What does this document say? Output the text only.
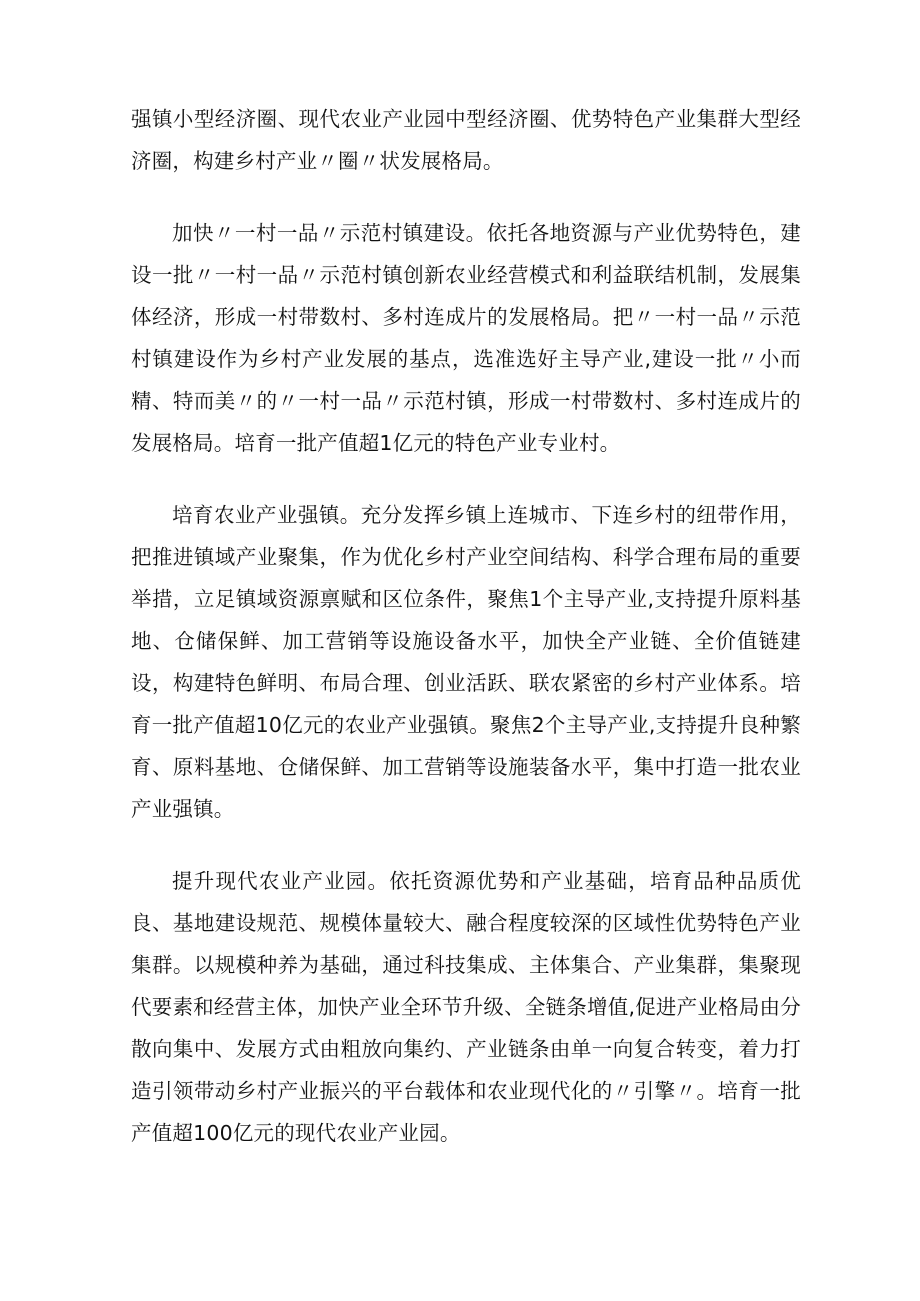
强镇小型经济圈、现代农业产业园中型经济圈、优势特色产业集群大型经济圈，构建乡村产业〃圈〃状发展格局。

加快〃一村一品〃示范村镇建设。依托各地资源与产业优势特色，建设一批〃一村一品〃示范村镇创新农业经营模式和利益联结机制，发展集体经济，形成一村带数村、多村连成片的发展格局。把〃一村一品〃示范村镇建设作为乡村产业发展的基点，选准选好主导产业,建设一批〃小而精、特而美〃的〃一村一品〃示范村镇，形成一村带数村、多村连成片的发展格局。培育一批产值超1亿元的特色产业专业村。

培育农业产业强镇。充分发挥乡镇上连城市、下连乡村的纽带作用，把推进镇域产业聚集，作为优化乡村产业空间结构、科学合理布局的重要举措，立足镇域资源禀赋和区位条件，聚焦1个主导产业,支持提升原料基地、仓储保鲜、加工营销等设施设备水平，加快全产业链、全价值链建设，构建特色鲜明、布局合理、创业活跃、联农紧密的乡村产业体系。培育一批产值超10亿元的农业产业强镇。聚焦2个主导产业,支持提升良种繁育、原料基地、仓储保鲜、加工营销等设施装备水平，集中打造一批农业产业强镇。

提升现代农业产业园。依托资源优势和产业基础，培育品种品质优良、基地建设规范、规模体量较大、融合程度较深的区域性优势特色产业集群。以规模种养为基础，通过科技集成、主体集合、产业集群，集聚现代要素和经营主体，加快产业全环节升级、全链条增值,促进产业格局由分散向集中、发展方式由粗放向集约、产业链条由单一向复合转变，着力打造引领带动乡村产业振兴的平台载体和农业现代化的〃引擎〃。培育一批产值超100亿元的现代农业产业园。
